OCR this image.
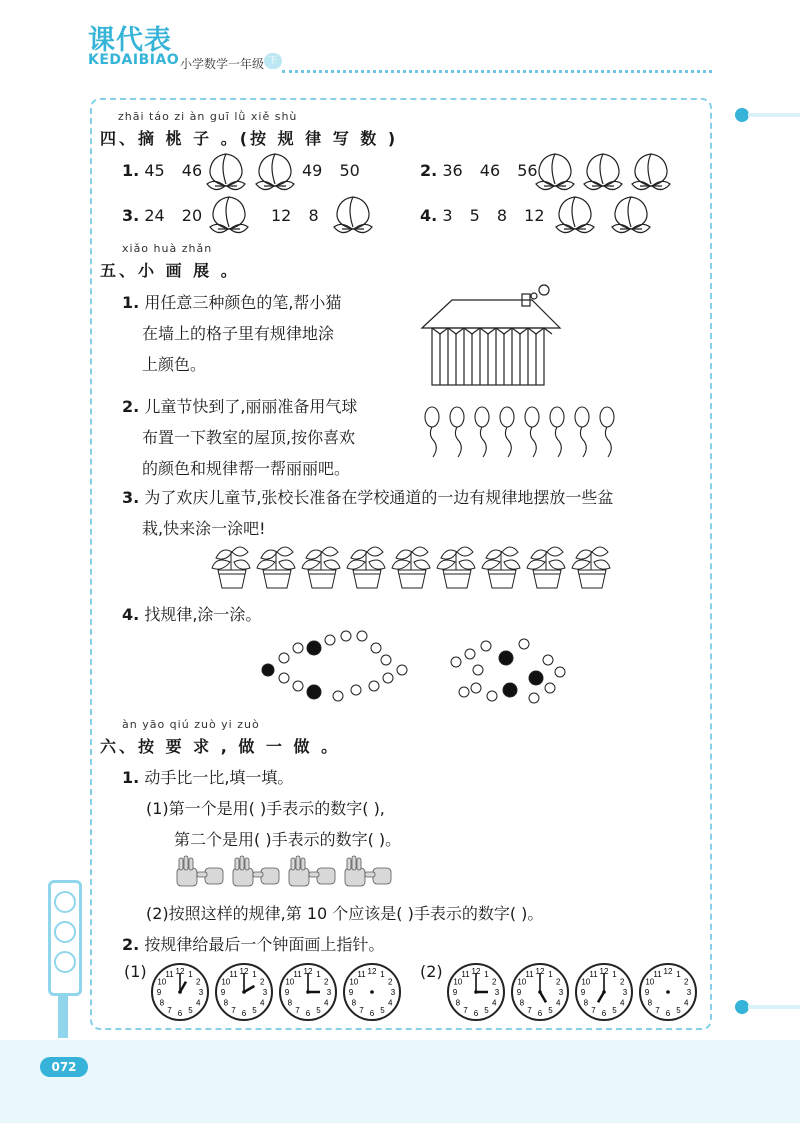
课代表
KEDAIBIAO 小学数学一年级 下
072
zhāi táo zi àn guī lǜ xiě shù
四、摘 桃 子 。(按 规 律 写 数 )
1. 45 46	49 50	2. 36 46 56
3. 24 20	12 8	4. 3 5 8 12
xiǎo huà zhǎn
五、小 画 展 。
1. 用任意三种颜色的笔,帮小猫
在墙上的格子里有规律地涂
上颜色。
2. 儿童节快到了,丽丽准备用气球
布置一下教室的屋顶,按你喜欢
的颜色和规律帮一帮丽丽吧。
3. 为了欢庆儿童节,张校长准备在学校通道的一边有规律地摆放一些盆
栽,快来涂一涂吧!
4. 找规律,涂一涂。
àn yāo qiú zuò yi zuò
六、按 要 求 , 做 一 做 。
1. 动手比一比,填一填。
(1)第一个是用( )手表示的数字( ),
第二个是用( )手表示的数字( )。
(2)按照这样的规律,第 10 个应该是( )手表示的数字( )。
2. 按规律给最后一个钟面画上指针。
(1)	(2)
12 1
2
3
4
5
6
7
8
9
10
11	12 1
2
3
4
5
6
7
8
9
10
11	12 1
2
3
4
5
6
7
8
9
10
11	12 1
2
3
4
5
6
7
8
9
10
11	12 1
2
3
4
5
6
7
8
9
10
11	12 1
2
3
4
5
6
7
8
9
10
11	12 1
2
3
4
5
6
7
8
9
10
11	12 1
2
3
4
5
6
7
8
9
10
11
